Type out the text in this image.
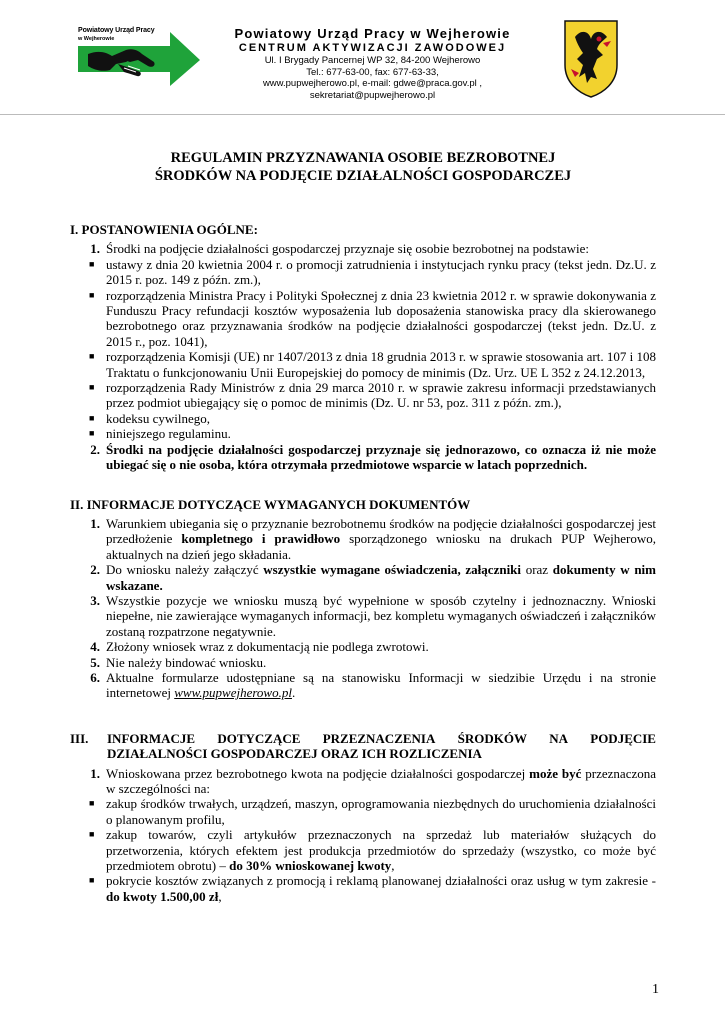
Powiatowy Urząd Pracy
w Wejherowie	Powiatowy Urząd Pracy w Wejherowie
CENTRUM AKTYWIZACJI ZAWODOWEJ
Ul. I Brygady Pancernej WP 32, 84-200 Wejherowo
Tel.: 677-63-00, fax: 677-63-33,
www.pupwejherowo.pl, e-mail: gdwe@praca.gov.pl ,
sekretariat@pupwejherowo.pl

REGULAMIN PRZYZNAWANIA OSOBIE BEZROBOTNEJ
ŚRODKÓW NA PODJĘCIE DZIAŁALNOŚCI GOSPODARCZEJ

I. POSTANOWIENIA OGÓLNE:

1. Środki na podjęcie działalności gospodarczej przyznaje się osobie bezrobotnej na podstawie:
■ ustawy z dnia 20 kwietnia 2004 r. o promocji zatrudnienia i instytucjach rynku pracy (tekst jedn. Dz.U. z 2015 r. poz. 149 z późn. zm.),
■ rozporządzenia Ministra Pracy i Polityki Społecznej z dnia 23 kwietnia 2012 r. w sprawie dokonywania z Funduszu Pracy refundacji kosztów wyposażenia lub doposażenia stanowiska pracy dla skierowanego bezrobotnego oraz przyznawania środków na podjęcie działalności gospodarczej (tekst jedn. Dz.U. z 2015 r., poz. 1041),
■ rozporządzenia Komisji (UE) nr 1407/2013 z dnia 18 grudnia 2013 r. w sprawie stosowania art. 107 i 108 Traktatu o funkcjonowaniu Unii Europejskiej do pomocy de minimis (Dz. Urz. UE L 352 z 24.12.2013,
■ rozporządzenia Rady Ministrów z dnia 29 marca 2010 r. w sprawie zakresu informacji przedstawianych przez podmiot ubiegający się o pomoc de minimis (Dz. U. nr 53, poz. 311 z późn. zm.),
■ kodeksu cywilnego,
■ niniejszego regulaminu.
2. Środki na podjęcie działalności gospodarczej przyznaje się jednorazowo, co oznacza iż nie może ubiegać się o nie osoba, która otrzymała przedmiotowe wsparcie w latach poprzednich.

II. INFORMACJE DOTYCZĄCE WYMAGANYCH DOKUMENTÓW

1. Warunkiem ubiegania się o przyznanie bezrobotnemu środków na podjęcie działalności gospodarczej jest przedłożenie kompletnego i prawidłowo sporządzonego wniosku na drukach PUP Wejherowo, aktualnych na dzień jego składania.
2. Do wniosku należy załączyć wszystkie wymagane oświadczenia, załączniki oraz dokumenty w nim wskazane.
3. Wszystkie pozycje we wniosku muszą być wypełnione w sposób czytelny i jednoznaczny. Wnioski niepełne, nie zawierające wymaganych informacji, bez kompletu wymaganych oświadczeń i załączników zostaną rozpatrzone negatywnie.
4. Złożony wniosek wraz z dokumentacją nie podlega zwrotowi.
5. Nie należy bindować wniosku.
6. Aktualne formularze udostępniane są na stanowisku Informacji w siedzibie Urzędu i na stronie internetowej www.pupwejherowo.pl.
III.	INFORMACJE DOTYCZĄCE PRZEZNACZENIA ŚRODKÓW NA PODJĘCIE
DZIAŁALNOŚCI GOSPODARCZEJ ORAZ ICH ROZLICZENIA
1. Wnioskowana przez bezrobotnego kwota na podjęcie działalności gospodarczej może być przeznaczona w szczególności na:
■ zakup środków trwałych, urządzeń, maszyn, oprogramowania niezbędnych do uruchomienia działalności o planowanym profilu,
■ zakup towarów, czyli artykułów przeznaczonych na sprzedaż lub materiałów służących do przetworzenia, których efektem jest produkcja przedmiotów do sprzedaży (wszystko, co może być przedmiotem obrotu) – do 30% wnioskowanej kwoty,
■ pokrycie kosztów związanych z promocją i reklamą planowanej działalności oraz usług w tym zakresie - do kwoty 1.500,00 zł,
1
